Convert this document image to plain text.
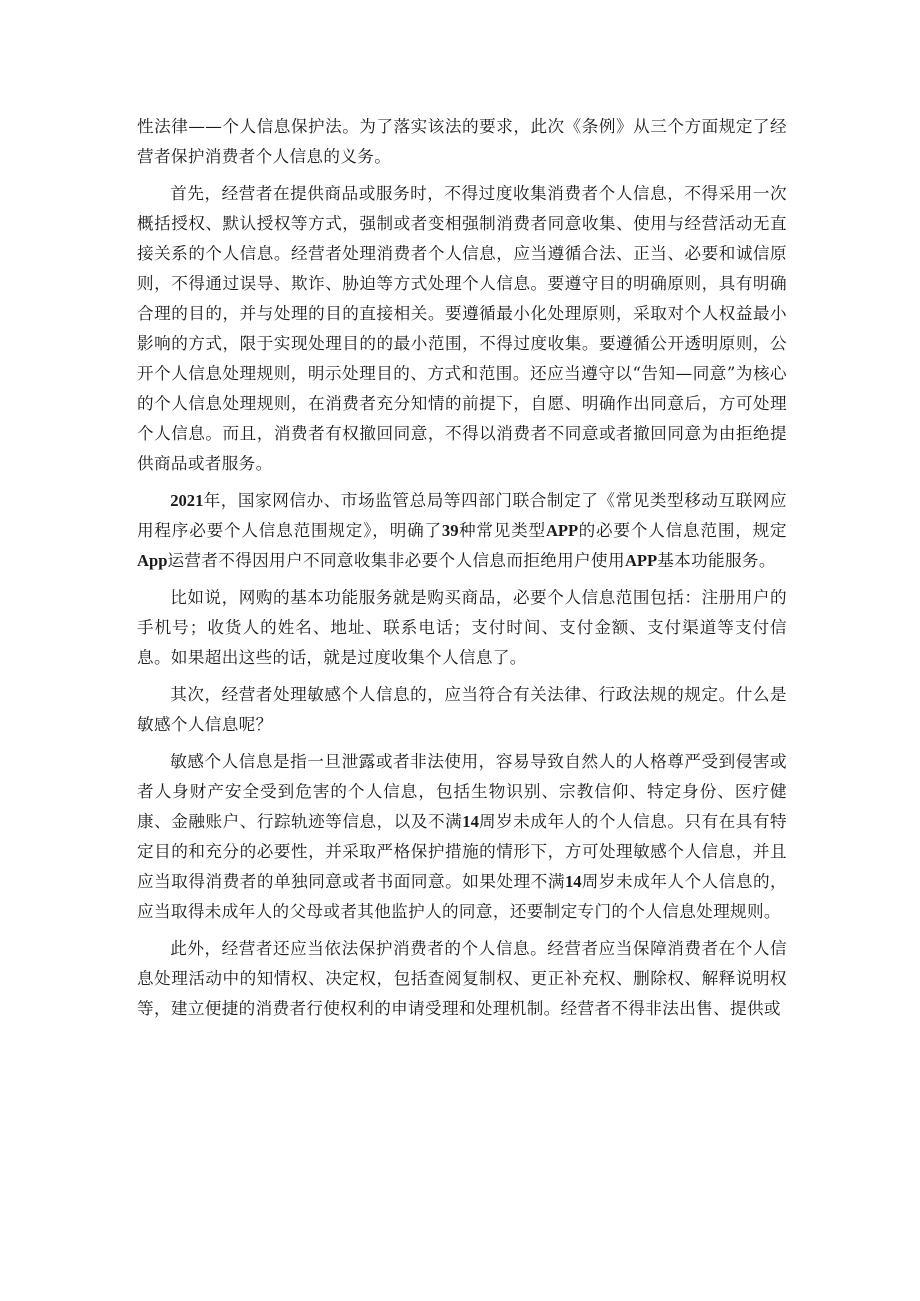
性法律——个人信息保护法。为了落实该法的要求，此次《条例》从三个方面规定了经营者保护消费者个人信息的义务。

首先，经营者在提供商品或服务时，不得过度收集消费者个人信息，不得采用一次概括授权、默认授权等方式，强制或者变相强制消费者同意收集、使用与经营活动无直接关系的个人信息。经营者处理消费者个人信息，应当遵循合法、正当、必要和诚信原则，不得通过误导、欺诈、胁迫等方式处理个人信息。要遵守目的明确原则，具有明确合理的目的，并与处理的目的直接相关。要遵循最小化处理原则，采取对个人权益最小影响的方式，限于实现处理目的的最小范围，不得过度收集。要遵循公开透明原则，公开个人信息处理规则，明示处理目的、方式和范围。还应当遵守以“告知—同意”为核心的个人信息处理规则，在消费者充分知情的前提下，自愿、明确作出同意后，方可处理个人信息。而且，消费者有权撤回同意，不得以消费者不同意或者撤回同意为由拒绝提供商品或者服务。

2021年，国家网信办、市场监管总局等四部门联合制定了《常见类型移动互联网应用程序必要个人信息范围规定》，明确了39种常见类型APP的必要个人信息范围，规定App运营者不得因用户不同意收集非必要个人信息而拒绝用户使用APP基本功能服务。

比如说，网购的基本功能服务就是购买商品，必要个人信息范围包括：注册用户的手机号；收货人的姓名、地址、联系电话；支付时间、支付金额、支付渠道等支付信息。如果超出这些的话，就是过度收集个人信息了。

其次，经营者处理敏感个人信息的，应当符合有关法律、行政法规的规定。什么是敏感个人信息呢？

敏感个人信息是指一旦泄露或者非法使用，容易导致自然人的人格尊严受到侵害或者人身财产安全受到危害的个人信息，包括生物识别、宗教信仰、特定身份、医疗健康、金融账户、行踪轨迹等信息，以及不满14周岁未成年人的个人信息。只有在具有特定目的和充分的必要性，并采取严格保护措施的情形下，方可处理敏感个人信息，并且应当取得消费者的单独同意或者书面同意。如果处理不满14周岁未成年人个人信息的，应当取得未成年人的父母或者其他监护人的同意，还要制定专门的个人信息处理规则。

此外，经营者还应当依法保护消费者的个人信息。经营者应当保障消费者在个人信息处理活动中的知情权、决定权，包括查阅复制权、更正补充权、删除权、解释说明权等，建立便捷的消费者行使权利的申请受理和处理机制。经营者不得非法出售、提供或
